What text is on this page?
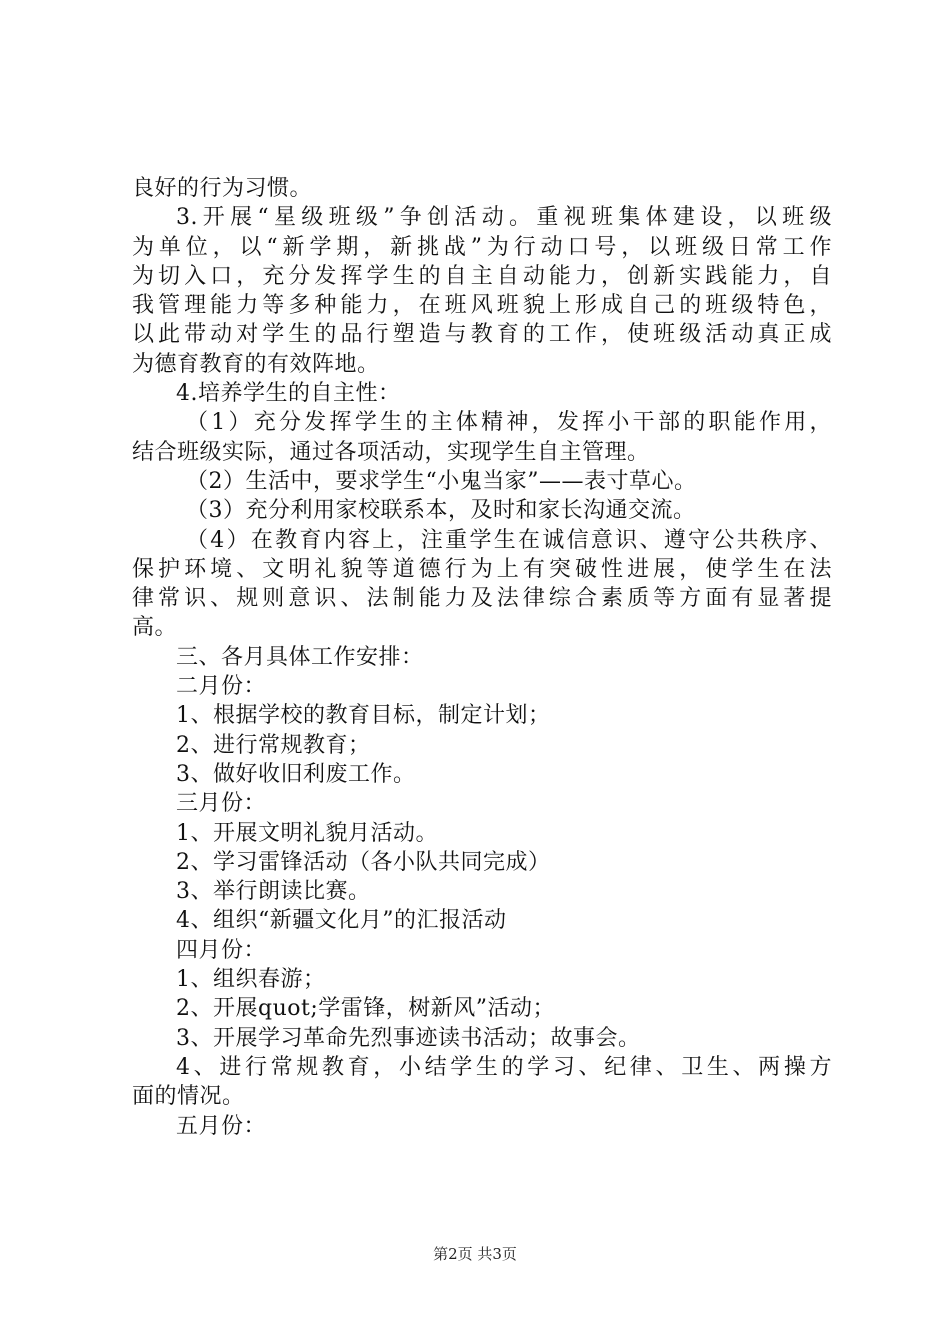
良好的行为习惯。
3.开展“星级班级”争创活动。重视班集体建设，以班级
为单位，以“新学期，新挑战”为行动口号，以班级日常工作
为切入口，充分发挥学生的自主自动能力，创新实践能力，自
我管理能力等多种能力，在班风班貌上形成自己的班级特色，
以此带动对学生的品行塑造与教育的工作，使班级活动真正成
为德育教育的有效阵地。
4.培养学生的自主性：
（1）充分发挥学生的主体精神，发挥小干部的职能作用，
结合班级实际，通过各项活动，实现学生自主管理。
（2）生活中，要求学生“小鬼当家”——表寸草心。
（3）充分利用家校联系本，及时和家长沟通交流。
（4）在教育内容上，注重学生在诚信意识、遵守公共秩序、
保护环境、文明礼貌等道德行为上有突破性进展，使学生在法
律常识、规则意识、法制能力及法律综合素质等方面有显著提
高。
三、各月具体工作安排：
二月份：
1、根据学校的教育目标，制定计划；
2、进行常规教育；
3、做好收旧利废工作。
三月份：
1、开展文明礼貌月活动。
2、学习雷锋活动（各小队共同完成）
3、举行朗读比赛。
4、组织“新疆文化月”的汇报活动
四月份：
1、组织春游；
2、开展quot;学雷锋，树新风”活动；
3、开展学习革命先烈事迹读书活动；故事会。
4、进行常规教育，小结学生的学习、纪律、卫生、两操方
面的情况。
五月份：
第2页 共3页
